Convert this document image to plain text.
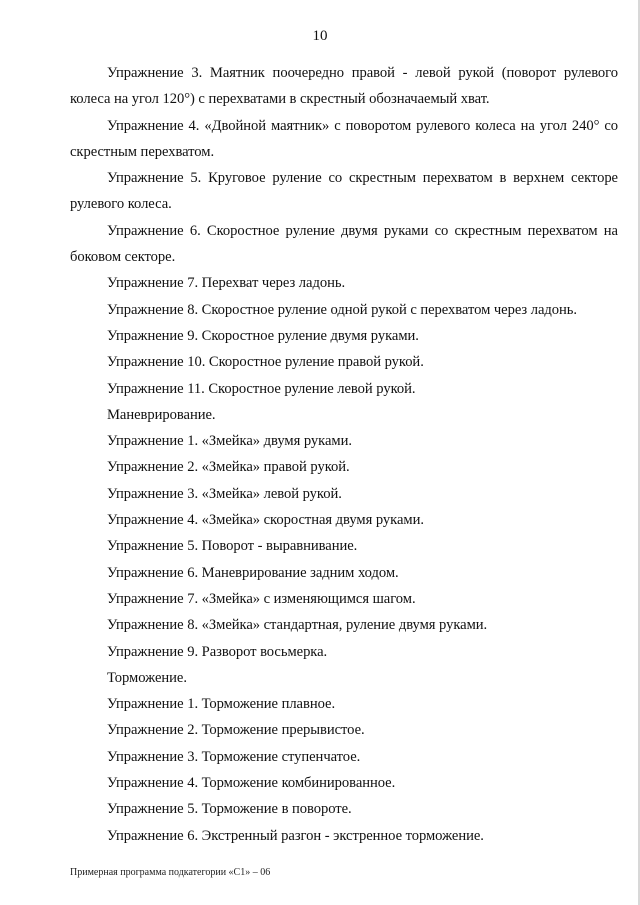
10

Упражнение 3. Маятник поочередно правой - левой рукой (поворот рулевого колеса на угол 120°) с перехватами в скрестный обозначаемый хват.

Упражнение 4. «Двойной маятник» с поворотом рулевого колеса на угол 240° со скрестным перехватом.

Упражнение 5. Круговое руление со скрестным перехватом в верхнем секторе рулевого колеса.

Упражнение 6. Скоростное руление двумя руками со скрестным перехватом на боковом секторе.

Упражнение 7. Перехват через ладонь.

Упражнение 8. Скоростное руление одной рукой с перехватом через ладонь.

Упражнение 9. Скоростное руление двумя руками.

Упражнение 10. Скоростное руление правой рукой.

Упражнение 11. Скоростное руление левой рукой.

Маневрирование.

Упражнение 1. «Змейка» двумя руками.

Упражнение 2. «Змейка» правой рукой.

Упражнение 3. «Змейка» левой рукой.

Упражнение 4. «Змейка» скоростная двумя руками.

Упражнение 5. Поворот - выравнивание.

Упражнение 6. Маневрирование задним ходом.

Упражнение 7. «Змейка» с изменяющимся шагом.

Упражнение 8. «Змейка» стандартная, руление двумя руками.

Упражнение 9. Разворот восьмерка.

Торможение.

Упражнение 1. Торможение плавное.

Упражнение 2. Торможение прерывистое.

Упражнение 3. Торможение ступенчатое.

Упражнение 4. Торможение комбинированное.

Упражнение 5. Торможение в повороте.

Упражнение 6. Экстренный разгон - экстренное торможение.

Примерная программа подкатегории «С1» – 06
